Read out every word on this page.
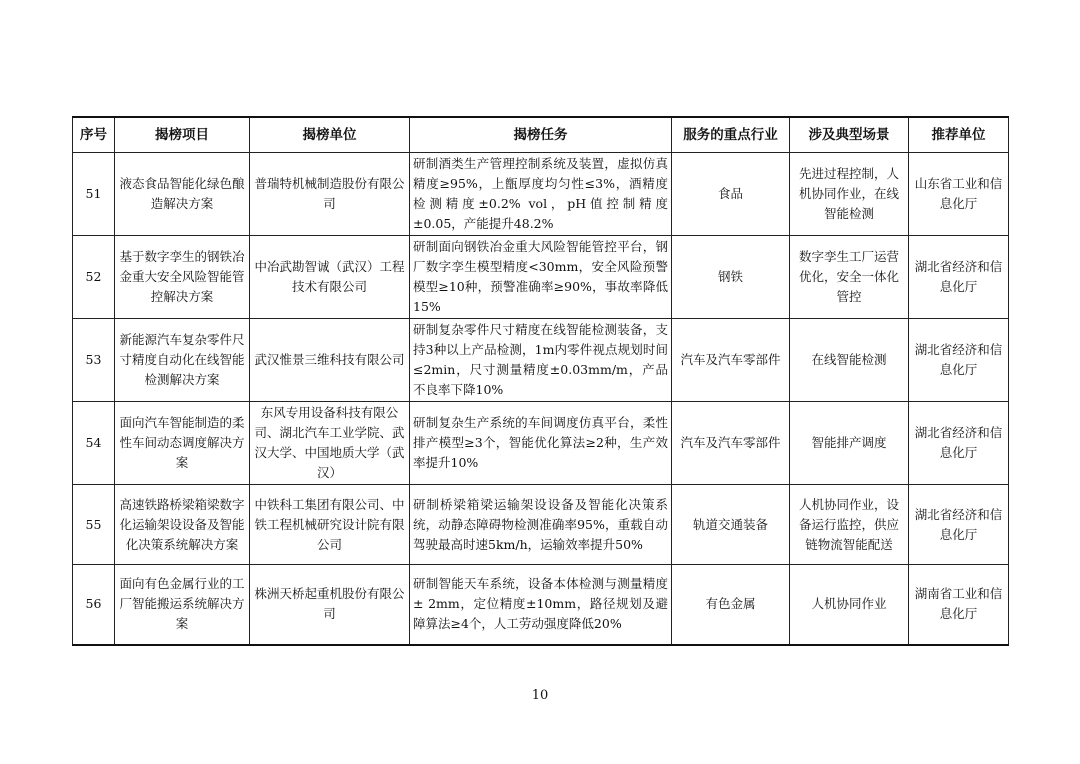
序号	揭榜项目	揭榜单位	揭榜任务	服务的重点行业	涉及典型场景	推荐单位
51	液态食品智能化绿色酿造解决方案	普瑞特机械制造股份有限公司	研制酒类生产管理控制系统及装置，虚拟仿真精度≥95%，上甑厚度均匀性≤3%，酒精度检测精度±0.2% vol，pH值控制精度±0.05，产能提升48.2%	食品	先进过程控制，人机协同作业，在线智能检测	山东省工业和信息化厅
52	基于数字孪生的钢铁冶金重大安全风险智能管控解决方案	中冶武勘智诚（武汉）工程技术有限公司	研制面向钢铁冶金重大风险智能管控平台，钢厂数字孪生模型精度<30mm，安全风险预警模型≥10种，预警准确率≥90%，事故率降低15%	钢铁	数字孪生工厂运营优化，安全一体化管控	湖北省经济和信息化厅
53	新能源汽车复杂零件尺寸精度自动化在线智能检测解决方案	武汉惟景三维科技有限公司	研制复杂零件尺寸精度在线智能检测装备，支持3种以上产品检测，1m内零件视点规划时间≤2min，尺寸测量精度±0.03mm/m，产品不良率下降10%	汽车及汽车零部件	在线智能检测	湖北省经济和信息化厅
54	面向汽车智能制造的柔性车间动态调度解决方案	东风专用设备科技有限公司、湖北汽车工业学院、武汉大学、中国地质大学（武汉）	研制复杂生产系统的车间调度仿真平台，柔性排产模型≥3个，智能优化算法≥2种，生产效率提升10%	汽车及汽车零部件	智能排产调度	湖北省经济和信息化厅
55	高速铁路桥梁箱梁数字化运输架设设备及智能化决策系统解决方案	中铁科工集团有限公司、中铁工程机械研究设计院有限公司	研制桥梁箱梁运输架设设备及智能化决策系统，动静态障碍物检测准确率95%，重载自动驾驶最高时速5km/h，运输效率提升50%	轨道交通装备	人机协同作业，设备运行监控，供应链物流智能配送	湖北省经济和信息化厅
56	面向有色金属行业的工厂智能搬运系统解决方案	株洲天桥起重机股份有限公司	研制智能天车系统，设备本体检测与测量精度± 2mm，定位精度±10mm，路径规划及避障算法≥4个，人工劳动强度降低20%	有色金属	人机协同作业	湖南省工业和信息化厅
10
